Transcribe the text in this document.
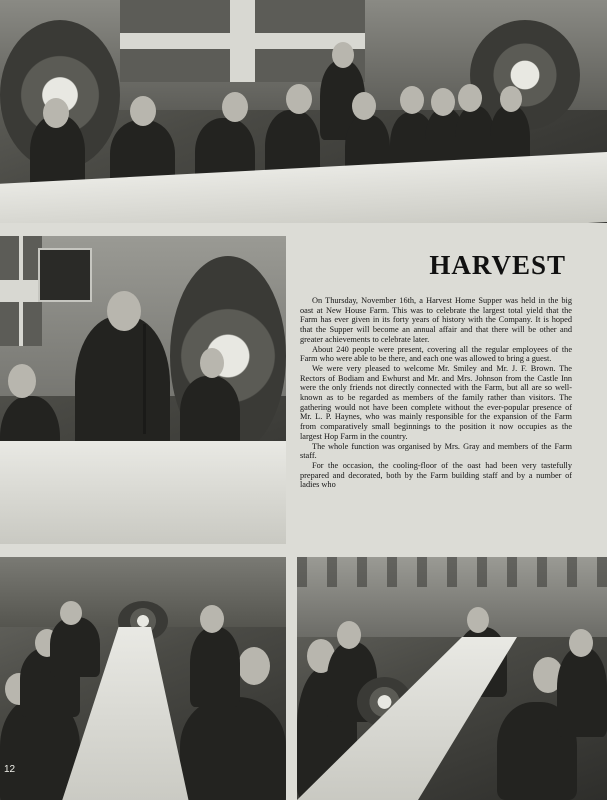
HARVEST

On Thursday, November 16th, a Harvest Home Supper was held in the big oast at New House Farm. This was to celebrate the largest total yield that the Farm has ever given in its forty years of history with the Company. It is hoped that the Supper will become an annual affair and that there will be other and greater achievements to celebrate later.

About 240 people were present, covering all the regular employees of the Farm who were able to be there, and each one was allowed to bring a guest.

We were very pleased to welcome Mr. Smiley and Mr. J. F. Brown. The Rectors of Bodiam and Ewhurst and Mr. and Mrs. Johnson from the Castle Inn were the only friends not directly connected with the Farm, but all are so well-known as to be regarded as members of the family rather than visitors. The gathering would not have been complete without the ever-popular presence of Mr. L. P. Haynes, who was mainly responsible for the expansion of the Farm from comparatively small beginnings to the position it now occupies as the largest Hop Farm in the country.

The whole function was organised by Mrs. Gray and members of the Farm staff.

For the occasion, the cooling-floor of the oast had been very tastefully prepared and decorated, both by the Farm building staff and by a number of ladies who

12
